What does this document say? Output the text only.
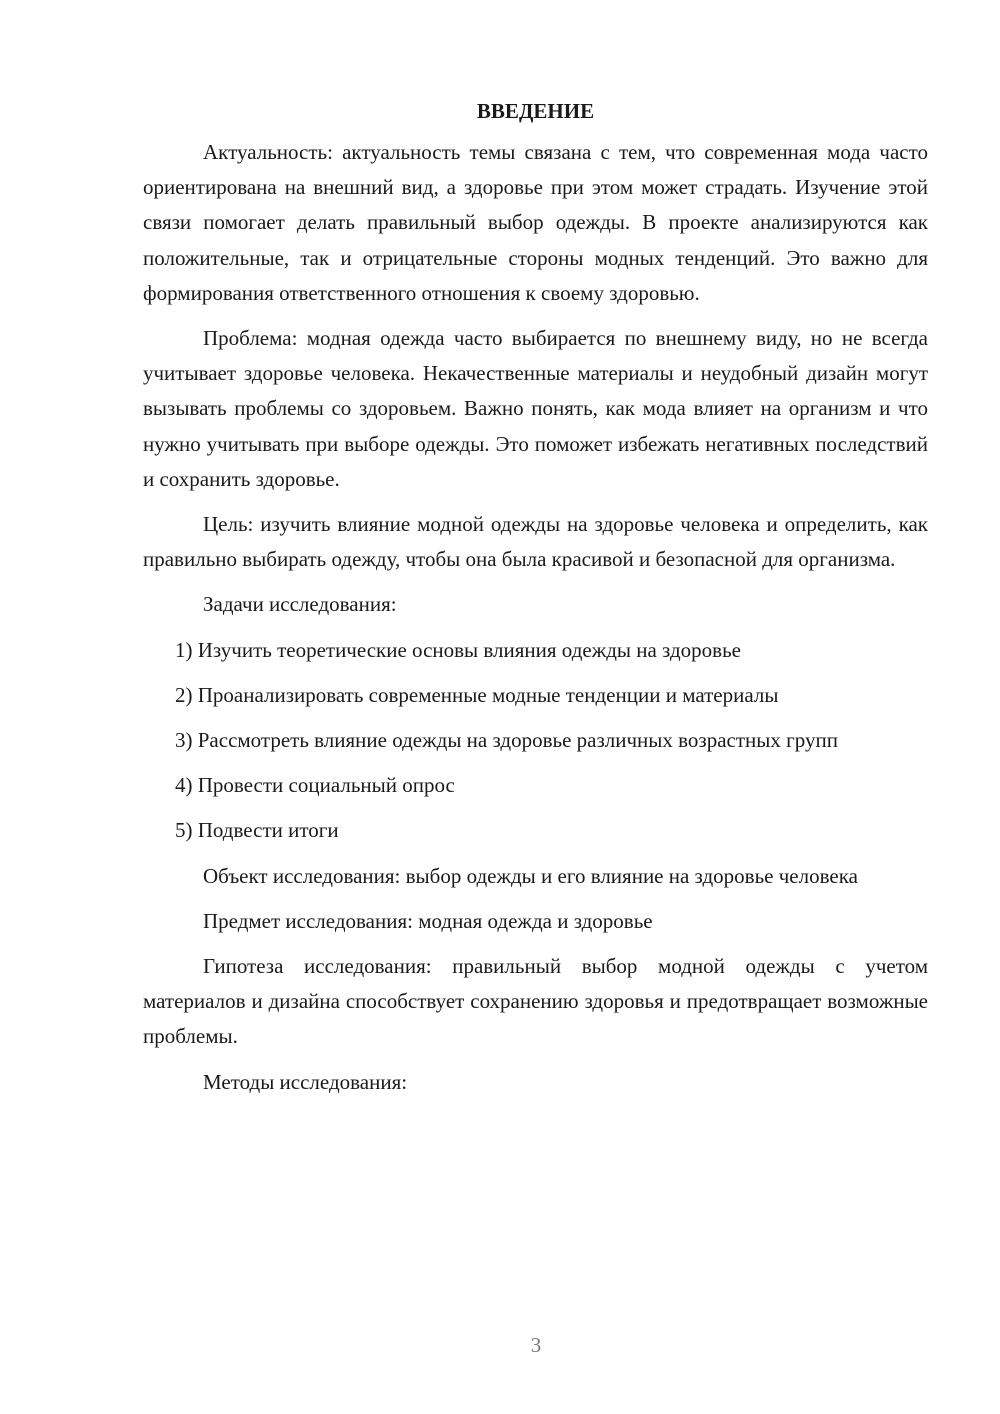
ВВЕДЕНИЕ

Актуальность: актуальность темы связана с тем, что современная мода часто ориентирована на внешний вид, а здоровье при этом может страдать. Изучение этой связи помогает делать правильный выбор одежды. В проекте анализируются как положительные, так и отрицательные стороны модных тенденций. Это важно для формирования ответственного отношения к своему здоровью.

Проблема: модная одежда часто выбирается по внешнему виду, но не всегда учитывает здоровье человека. Некачественные материалы и неудобный дизайн могут вызывать проблемы со здоровьем. Важно понять, как мода влияет на организм и что нужно учитывать при выборе одежды. Это поможет избежать негативных последствий и сохранить здоровье.

Цель: изучить влияние модной одежды на здоровье человека и определить, как правильно выбирать одежду, чтобы она была красивой и безопасной для организма.

Задачи исследования:

1) Изучить теоретические основы влияния одежды на здоровье

2) Проанализировать современные модные тенденции и материалы

3) Рассмотреть влияние одежды на здоровье различных возрастных групп

4) Провести социальный опрос

5) Подвести итоги

Объект исследования: выбор одежды и его влияние на здоровье человека

Предмет исследования: модная одежда и здоровье

Гипотеза исследования: правильный выбор модной одежды с учетом материалов и дизайна способствует сохранению здоровья и предотвращает возможные проблемы.

Методы исследования:

3
